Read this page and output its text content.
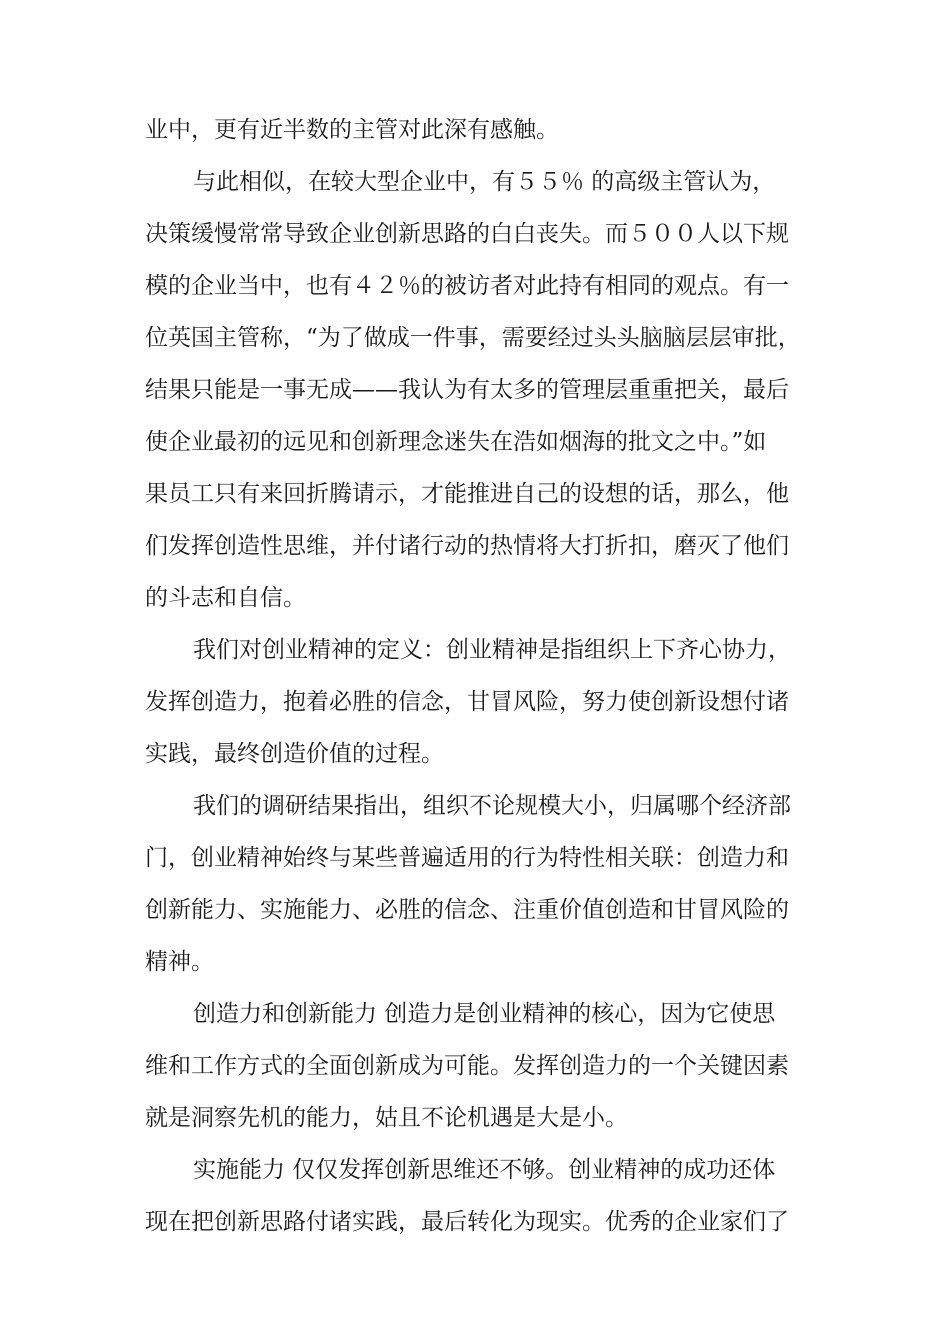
业中，更有近半数的主管对此深有感触。
与此相似，在较大型企业中，有５５％ 的高级主管认为，
决策缓慢常常导致企业创新思路的白白丧失。而５００人以下规
模的企业当中，也有４２％的被访者对此持有相同的观点。有一
位英国主管称，“为了做成一件事，需要经过头头脑脑层层审批，
结果只能是一事无成——我认为有太多的管理层重重把关，最后
使企业最初的远见和创新理念迷失在浩如烟海的批文之中。”如
果员工只有来回折腾请示，才能推进自己的设想的话，那么，他
们发挥创造性思维，并付诸行动的热情将大打折扣，磨灭了他们
的斗志和自信。
我们对创业精神的定义：创业精神是指组织上下齐心协力，
发挥创造力，抱着必胜的信念，甘冒风险，努力使创新设想付诸
实践，最终创造价值的过程。
我们的调研结果指出，组织不论规模大小，归属哪个经济部
门，创业精神始终与某些普遍适用的行为特性相关联：创造力和
创新能力、实施能力、必胜的信念、注重价值创造和甘冒风险的
精神。
创造力和创新能力 创造力是创业精神的核心，因为它使思
维和工作方式的全面创新成为可能。发挥创造力的一个关键因素
就是洞察先机的能力，姑且不论机遇是大是小。
实施能力 仅仅发挥创新思维还不够。创业精神的成功还体
现在把创新思路付诸实践，最后转化为现实。优秀的企业家们了
